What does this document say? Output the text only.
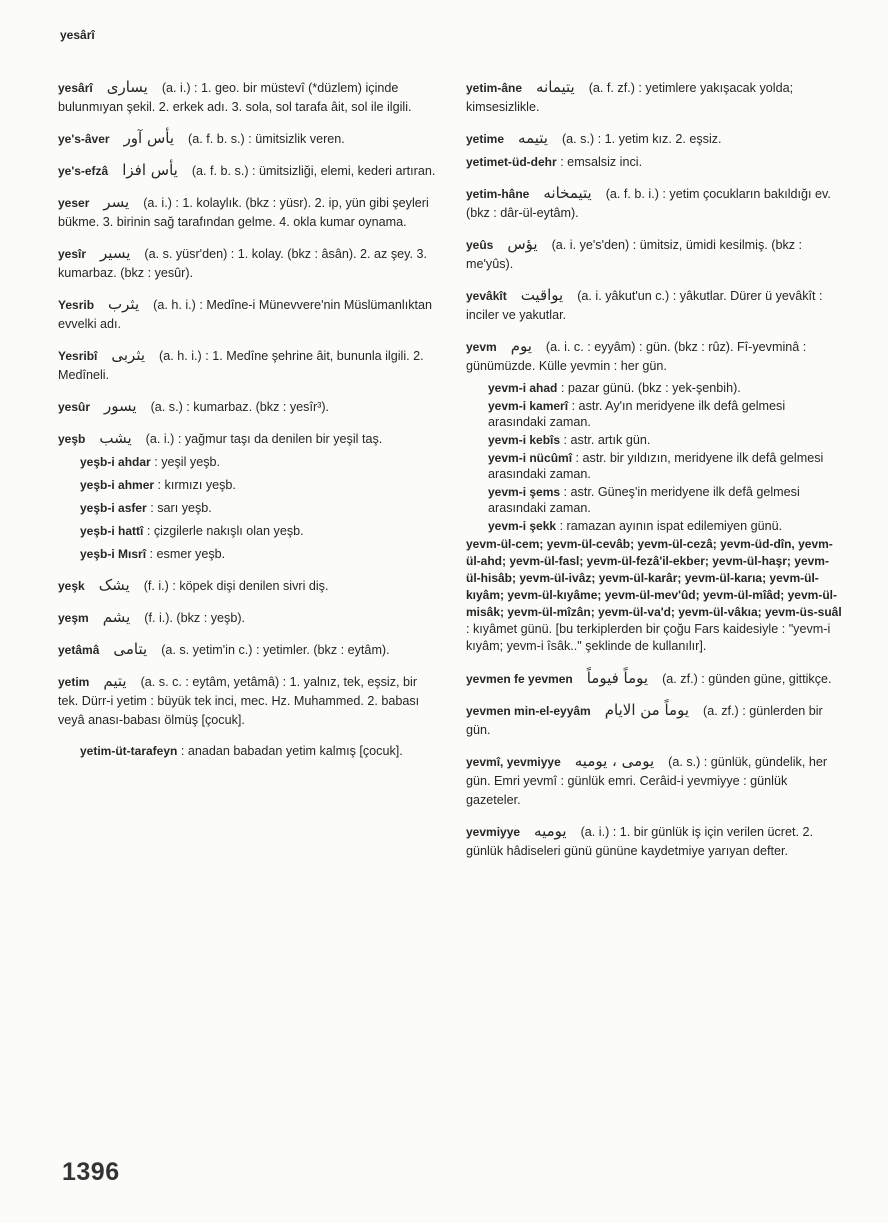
yesârî
yesârî یساری (a. i.) : 1. geo. bir müstevî (*düzlem) içinde bulunmıyan şekil. 2. erkek adı. 3. sola, sol tarafa âit, sol ile ilgili.
ye's-âver یأس آور (a. f. b. s.) : ümitsizlik veren.
ye's-efzâ یأس افزا (a. f. b. s.) : ümitsizliği, elemi, kederi artıran.
yeser یسر (a. i.) : 1. kolaylık. (bkz : yüsr). 2. ip, yün gibi şeyleri bükme. 3. birinin sağ tarafından gelme. 4. okla kumar oynama.
yesîr یسیر (a. s. yüsr'den) : 1. kolay. (bkz : âsân). 2. az şey. 3. kumarbaz. (bkz : yesûr).
Yesrib یثرب (a. h. i.) : Medîne-i Münevvere'nin Müslümanlıktan evvelki adı.
Yesribî یثربی (a. h. i.) : 1. Medîne şehrine âit, bununla ilgili. 2. Medîneli.
yesûr یسور (a. s.) : kumarbaz. (bkz : yesîr³).
yeşb یشب (a. i.) : yağmur taşı da denilen bir yeşil taş.
yeşb-i ahdar : yeşil yeşb.
yeşb-i ahmer : kırmızı yeşb.
yeşb-i asfer : sarı yeşb.
yeşb-i hattî : çizgilerle nakışlı olan yeşb.
yeşb-i Mısrî : esmer yeşb.
yeşk یشک (f. i.) : köpek dişi denilen sivri diş.
yeşm یشم (f. i.). (bkz : yeşb).
yetâmâ یتامی (a. s. yetim'in c.) : yetimler. (bkz : eytâm).
yetim یتیم (a. s. c. : eytâm, yetâmâ) : 1. yalnız, tek, eşsiz, bir tek. Dürr-i yetim : büyük tek inci, mec. Hz. Muhammed. 2. babası veyâ anası-babası ölmüş [çocuk].
yetim-üt-tarafeyn : anadan babadan yetim kalmış [çocuk].
yetim-âne یتیمانه (a. f. zf.) : yetimlere yakışacak yolda; kimsesizlikle.
yetime یتیمه (a. s.) : 1. yetim kız. 2. eşsiz.
yetimet-üd-dehr : emsalsiz inci.
yetim-hâne یتیمخانه (a. f. b. i.) : yetim çocukların bakıldığı ev. (bkz : dâr-ül-eytâm).
yeûs یؤس (a. i. ye's'den) : ümitsiz, ümidi kesilmiş. (bkz : me'yûs).
yevâkît یواقیت (a. i. yâkut'un c.) : yâkutlar. Dürer ü yevâkît : inciler ve yakutlar.
yevm یوم (a. i. c. : eyyâm) : gün. (bkz : rûz). Fî-yevminâ : günümüzde. Külle yevmin : her gün.
yevm-i ahad : pazar günü. (bkz : yek-şenbih).
yevm-i kamerî : astr. Ay'ın meridyene ilk defâ gelmesi arasındaki zaman.
yevm-i kebîs : astr. artık gün.
yevm-i nücûmî : astr. bir yıldızın, meridyene ilk defâ gelmesi arasındaki zaman.
yevm-i şems : astr. Güneş'in meridyene ilk defâ gelmesi arasındaki zaman.
yevm-i şekk : ramazan ayının ispat edilemiyen günü.
yevm-ül-cem; yevm-ül-cevâb; yevm-ül-cezâ; yevm-üd-dîn, yevm-ül-ahd; yevm-ül-fasl; yevm-ül-fezâ'il-ekber; yevm-ül-haşr; yevm-ül-hisâb; yevm-ül-ivâz; yevm-ül-karâr; yevm-ül-karıa; yevm-ül-kıyâm; yevm-ül-kıyâme; yevm-ül-mev'ûd; yevm-ül-mîâd; yevm-ül-misâk; yevm-ül-mîzân; yevm-ül-va'd; yevm-ül-vâkıa; yevm-üs-suâl : kıyâmet günü. [bu terkiplerden bir çoğu Fars kaidesiyle : "yevm-i kıyâm; yevm-i îsâk.." şeklinde de kullanılır].
yevmen fe yevmen یوماً فیوماً (a. zf.) : günden güne, gittikçe.
yevmen min-el-eyyâm یوماً من الایام (a. zf.) : günlerden bir gün.
yevmî, yevmiyye یومی ، یومیه (a. s.) : günlük, gündelik, her gün. Emri yevmî : günlük emri. Cerâid-i yevmiyye : günlük gazeteler.
yevmiyye یومیه (a. i.) : 1. bir günlük iş için verilen ücret. 2. günlük hâdiseleri günü gününe kaydetmiye yarıyan defter.
1396
